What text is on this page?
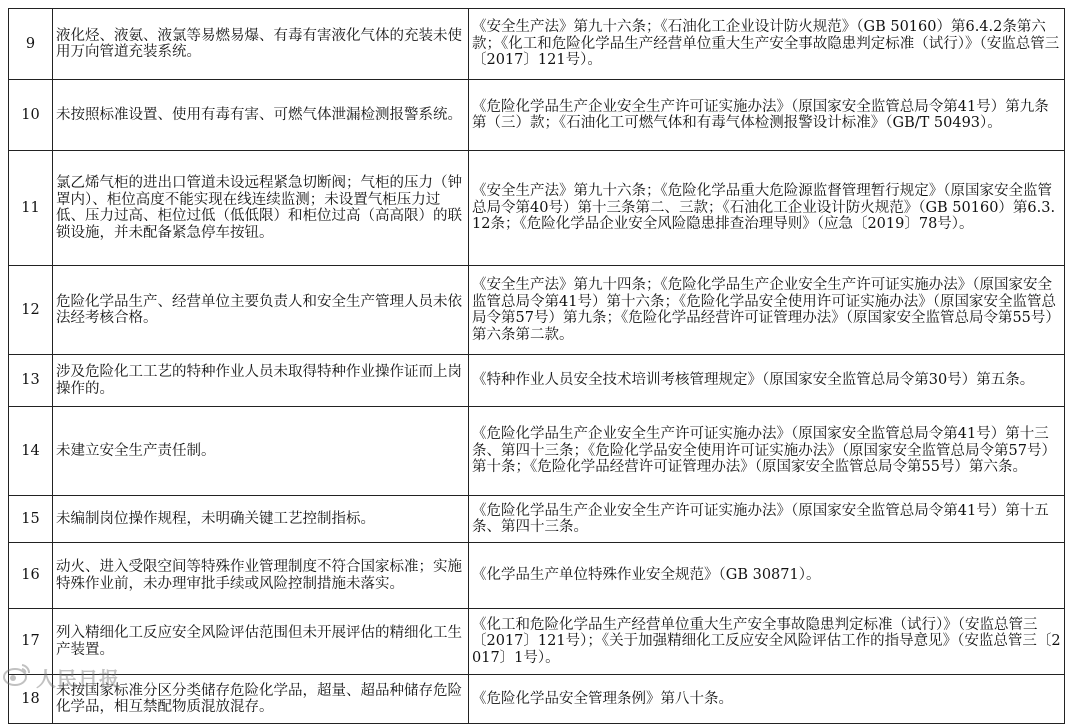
9	液化烃、液氨、液氯等易燃易爆、有毒有害液化气体的充装未使用万向管道充装系统。	《安全生产法》第九十六条；《石油化工企业设计防火规范》（GB 50160）第6.4.2条第六款；《化工和危险化学品生产经营单位重大生产安全事故隐患判定标准（试行）》（安监总管三〔2017〕121号）。
10	未按照标准设置、使用有毒有害、可燃气体泄漏检测报警系统。	《危险化学品生产企业安全生产许可证实施办法》（原国家安全监管总局令第41号）第九条第（三）款；《石油化工可燃气体和有毒气体检测报警设计标准》（GB/T 50493）。
11	氯乙烯气柜的进出口管道未设远程紧急切断阀；气柜的压力（钟罩内）、柜位高度不能实现在线连续监测；未设置气柜压力过低、压力过高、柜位过低（低低限）和柜位过高（高高限）的联锁设施，并未配备紧急停车按钮。	《安全生产法》第九十六条；《危险化学品重大危险源监督管理暂行规定》（原国家安全监管总局令第40号）第十三条第二、三款；《石油化工企业设计防火规范》（GB 50160）第6.3.12条；《危险化学品企业安全风险隐患排查治理导则》（应急〔2019〕78号）。
12	危险化学品生产、经营单位主要负责人和安全生产管理人员未依法经考核合格。	《安全生产法》第九十四条；《危险化学品生产企业安全生产许可证实施办法》（原国家安全监管总局令第41号）第十六条；《危险化学品安全使用许可证实施办法》（原国家安全监管总局令第57号）第九条；《危险化学品经营许可证管理办法》（原国家安全监管总局令第55号）第六条第二款。
13	涉及危险化工工艺的特种作业人员未取得特种作业操作证而上岗操作的。	《特种作业人员安全技术培训考核管理规定》（原国家安全监管总局令第30号）第五条。
14	未建立安全生产责任制。	《危险化学品生产企业安全生产许可证实施办法》（原国家安全监管总局令第41号）第十三条、第四十三条；《危险化学品安全使用许可证实施办法》（原国家安全监管总局令第57号）第十条；《危险化学品经营许可证管理办法》（原国家安全监管总局令第55号）第六条。
15	未编制岗位操作规程，未明确关键工艺控制指标。	《危险化学品生产企业安全生产许可证实施办法》（原国家安全监管总局令第41号）第十五条、第四十三条。
16	动火、进入受限空间等特殊作业管理制度不符合国家标准；实施特殊作业前，未办理审批手续或风险控制措施未落实。	《化学品生产单位特殊作业安全规范》（GB 30871）。
17	列入精细化工反应安全风险评估范围但未开展评估的精细化工生产装置。	《化工和危险化学品生产经营单位重大生产安全事故隐患判定标准（试行）》（安监总管三〔2017〕121号）；《关于加强精细化工反应安全风险评估工作的指导意见》（安监总管三〔2017〕1号）。
18	未按国家标准分区分类储存危险化学品，超量、超品种储存危险化学品，相互禁配物质混放混存。	《危险化学品安全管理条例》第八十条。
人民日报
